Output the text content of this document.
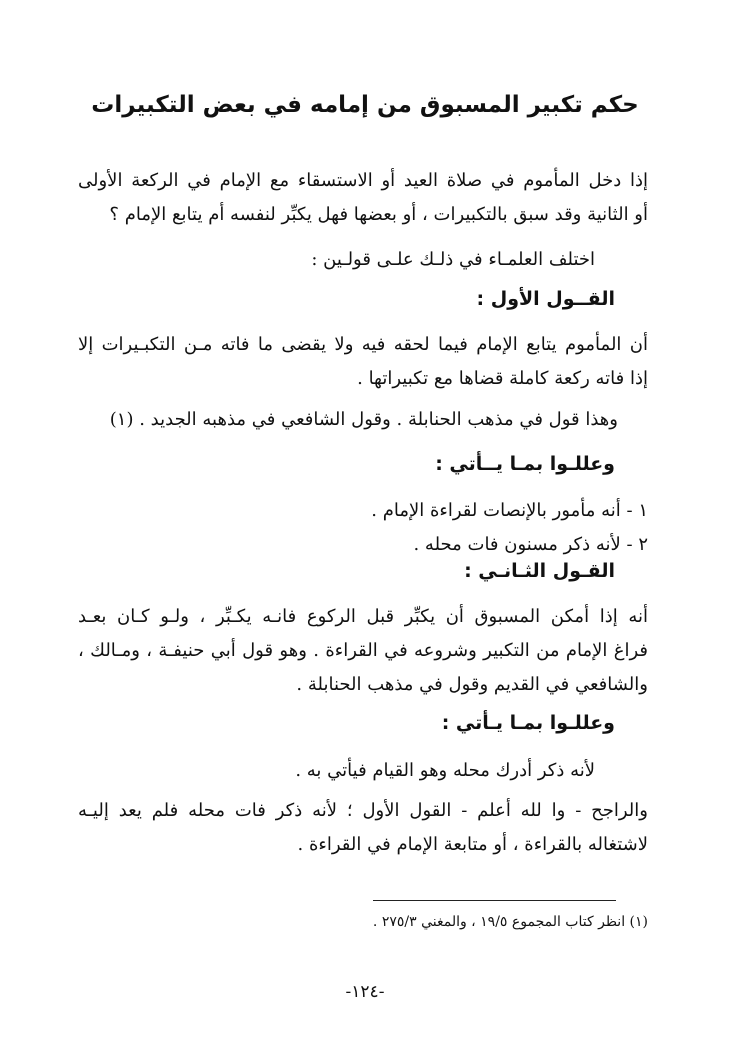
حكم تكبير المسبوق من إمامه في بعض التكبيرات
إذا دخل المأموم في صلاة العيد أو الاستسقاء مع الإمام في الركعة الأولى
أو الثانية وقد سبق بالتكبيرات ، أو بعضها فهل يكبِّر لنفسه أم يتابع الإمام ؟
اختلف العلمـاء في ذلـك علـى قولـين :
القــول الأول :
أن المأموم يتابع الإمام فيما لحقه فيه ولا يقضى ما فاته مـن التكبـيرات إلا
إذا فاته ركعة كاملة قضاها مع تكبيراتها .
وهذا قول في مذهب الحنابلة . وقول الشافعي في مذهبه الجديد . (١)
وعللـوا بمـا يــأتي :
١ - أنه مأمور بالإنصات لقراءة الإمام .
٢ - لأنه ذكر مسنون فات محله .
القـول الثـانـي :
أنه إذا أمكن المسبوق أن يكبِّر قبل الركوع فانـه يكـبِّر ، ولـو كـان بعـد
فراغ الإمام من التكبير وشروعه في القراءة . وهو قول أبي حنيفـة ، ومـالك ،
والشافعي في القديم وقول في مذهب الحنابلة .
وعللـوا بمـا يـأتي :
لأنه ذكر أدرك محله وهو القيام فيأتي به .
والراجح - وا لله أعلم - القول الأول ؛ لأنه ذكر فات محله فلم يعد إليـه
لاشتغاله بالقراءة ، أو متابعة الإمام في القراءة .
(١) انظر كتاب المجموع ١٩/٥ ، والمغني ٢٧٥/٣ .
-١٢٤-
